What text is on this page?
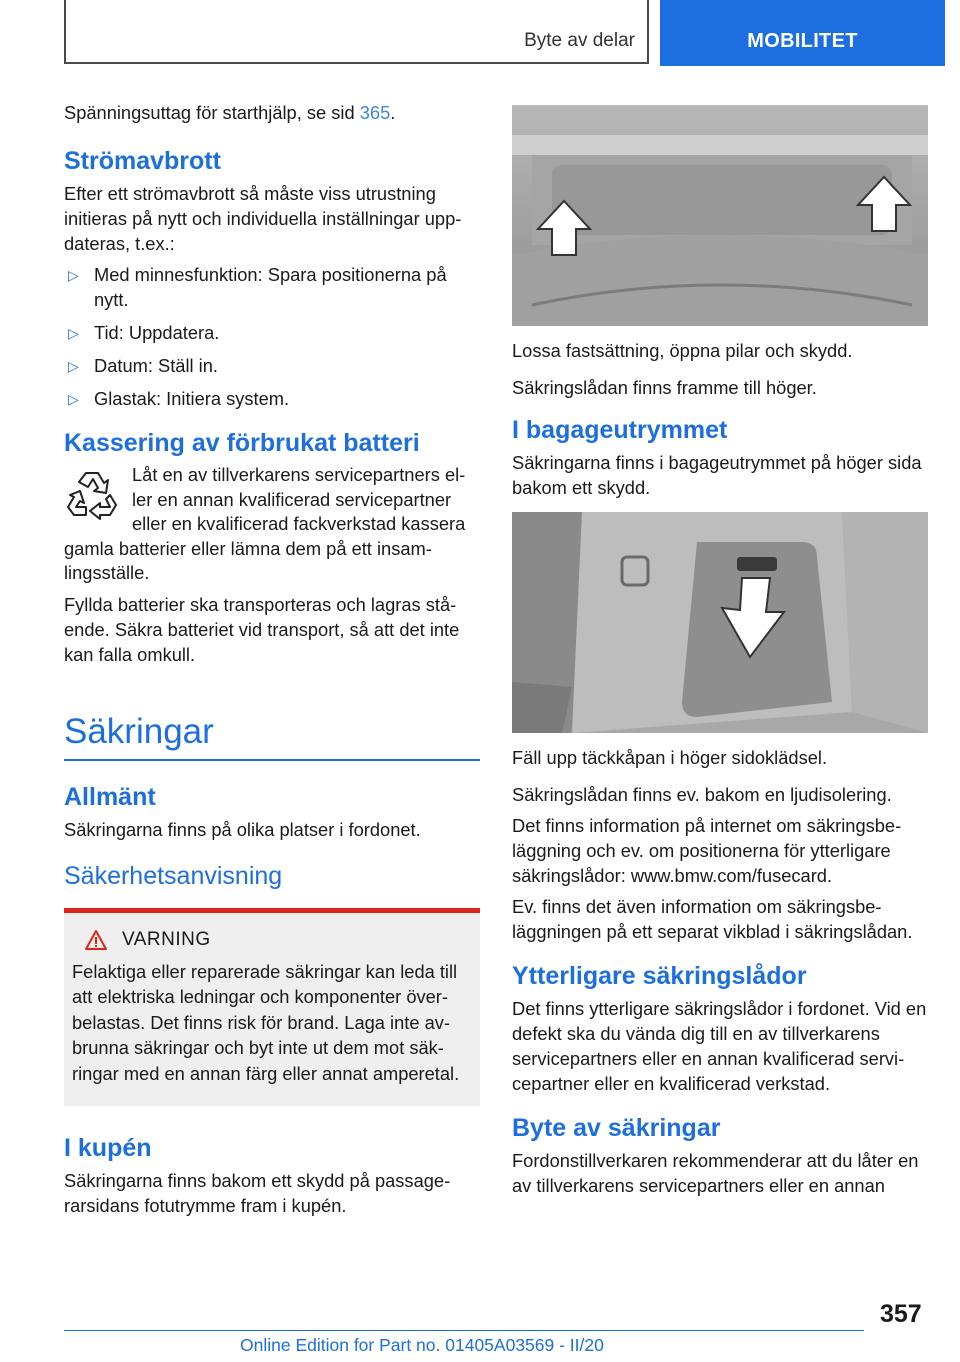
Byte av delar	MOBILITET

Spänningsuttag för starthjälp, se sid 365.

Strömavbrott

Efter ett strömavbrott så måste viss utrustning initieras på nytt och individuella inställningar upp-dateras, t.ex.:

▷ Med minnesfunktion: Spara positionerna på nytt.
▷ Tid: Uppdatera.
▷ Datum: Ställ in.
▷ Glastak: Initiera system.
Kassering av förbrukat batteri

Låt en av tillverkarens servicepartners el-ler en annan kvalificerad servicepartner eller en kvalificerad fackverkstad kassera gamla batterier eller lämna dem på ett insam-lingsställe.

Fyllda batterier ska transporteras och lagras stå-ende. Säkra batteriet vid transport, så att det inte kan falla omkull.

Säkringar
Allmänt

Säkringarna finns på olika platser i fordonet.

Säkerhetsanvisning
VARNING

Felaktiga eller reparerade säkringar kan leda till att elektriska ledningar och komponenter över-belastas. Det finns risk för brand. Laga inte av-brunna säkringar och byt inte ut dem mot säk-ringar med en annan färg eller annat amperetal.

I kupén

Säkringarna finns bakom ett skydd på passage-rarsidans fotutrymme fram i kupén.

Lossa fastsättning, öppna pilar och skydd.

Säkringslådan finns framme till höger.

I bagageutrymmet

Säkringarna finns i bagageutrymmet på höger sida bakom ett skydd.

Fäll upp täckkåpan i höger sidoklädsel.

Säkringslådan finns ev. bakom en ljudisolering.

Det finns information på internet om säkringsbe-läggning och ev. om positionerna för ytterligare säkringslådor: www.bmw.com/fusecard.

Ev. finns det även information om säkringsbe-läggningen på ett separat vikblad i säkringslådan.

Ytterligare säkringslådor

Det finns ytterligare säkringslådor i fordonet. Vid en defekt ska du vända dig till en av tillverkarens servicepartners eller en annan kvalificerad servi-cepartner eller en kvalificerad verkstad.

Byte av säkringar

Fordonstillverkaren rekommenderar att du låter en av tillverkarens servicepartners eller en annan

357
Online Edition for Part no. 01405A03569 - II/20
